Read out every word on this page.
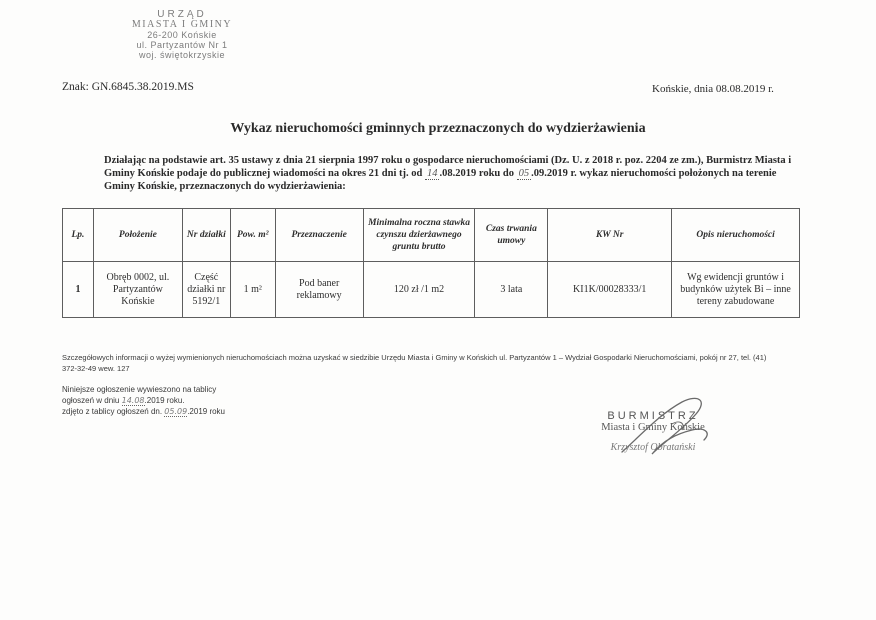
URZĄD
MIASTA I GMINY
26-200 Końskie
ul. Partyzantów Nr 1
woj. świętokrzyskie
Znak: GN.6845.38.2019.MS	Końskie, dnia 08.08.2019 r.
Wykaz nieruchomości gminnych przeznaczonych do wydzierżawienia
Działając na podstawie art. 35 ustawy z dnia 21 sierpnia 1997 roku o gospodarce nieruchomościami (Dz. U. z 2018 r. poz. 2204 ze zm.), Burmistrz Miasta i Gminy Końskie podaje do publicznej wiadomości na okres 21 dni tj. od 14 .08.2019 roku do 05 .09.2019 r. wykaz nieruchomości położonych na terenie Gminy Końskie, przeznaczonych do wydzierżawienia:
Lp.	Położenie	Nr działki	Pow. m²	Przeznaczenie	Minimalna roczna stawka czynszu dzierżawnego gruntu brutto	Czas trwania umowy	KW Nr	Opis nieruchomości
1	Obręb 0002, ul. Partyzantów Końskie	Część działki nr 5192/1	1 m²	Pod baner reklamowy	120 zł /1 m2	3 lata	KI1K/00028333/1	Wg ewidencji gruntów i budynków użytek Bi – inne tereny zabudowane
Szczegółowych informacji o wyżej wymienionych nieruchomościach można uzyskać w siedzibie Urzędu Miasta i Gminy w Końskich ul. Partyzantów 1 – Wydział Gospodarki Nieruchomościami, pokój nr 27, tel. (41) 372-32-49 wew. 127
Niniejsze ogłoszenie wywieszono na tablicy
ogłoszeń w dniu 14.08.2019 roku.
zdjęto z tablicy ogłoszeń dn. 05.09.2019 roku	BURMISTRZ
Miasta i Gminy Końskie
Krzysztof Obratański
